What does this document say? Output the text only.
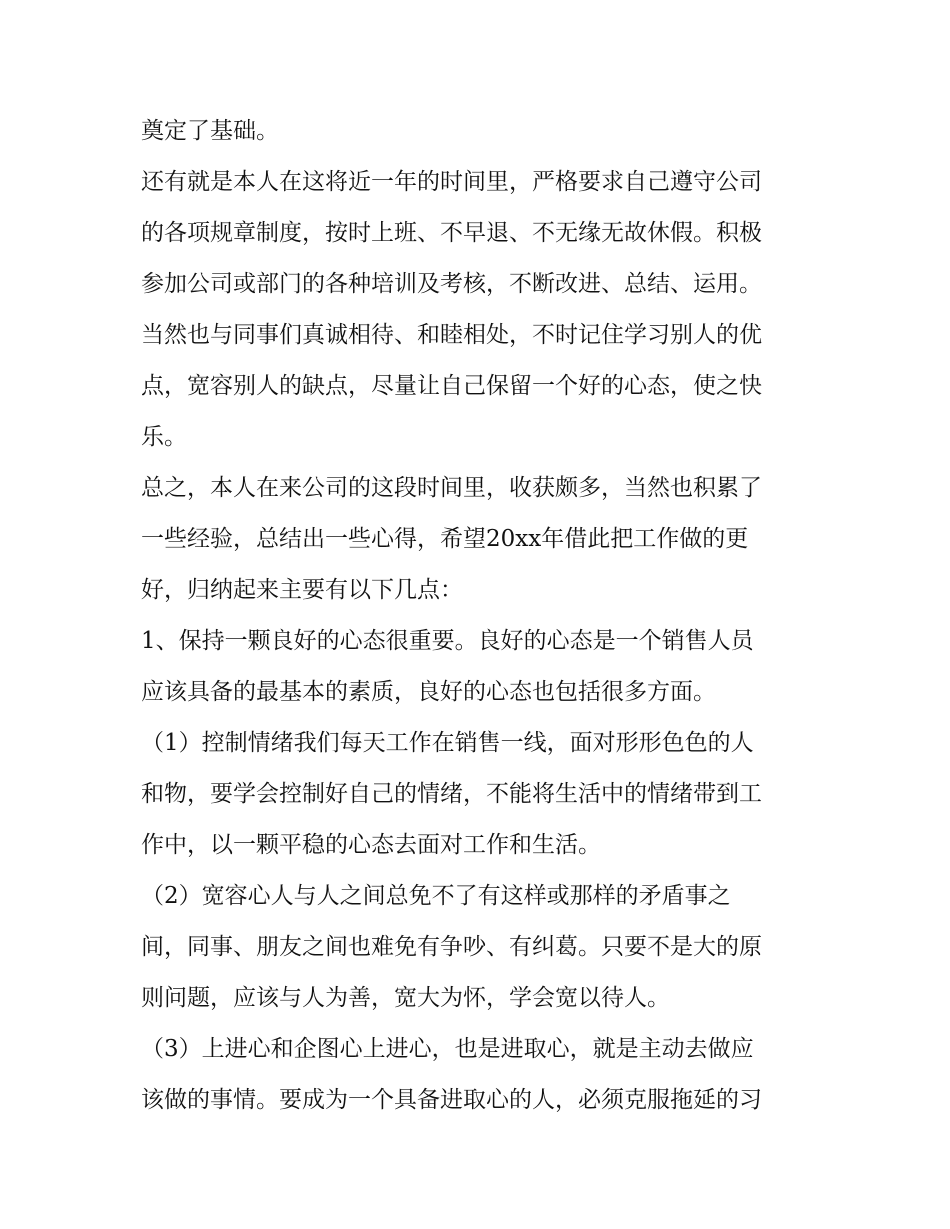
奠定了基础。

还有就是本人在这将近一年的时间里，严格要求自己遵守公司

的各项规章制度，按时上班、不早退、不无缘无故休假。积极

参加公司或部门的各种培训及考核，不断改进、总结、运用。

当然也与同事们真诚相待、和睦相处，不时记住学习别人的优

点，宽容别人的缺点，尽量让自己保留一个好的心态，使之快

乐。

总之，本人在来公司的这段时间里，收获颇多，当然也积累了

一些经验，总结出一些心得，希望20xx年借此把工作做的更

好，归纳起来主要有以下几点：

1、保持一颗良好的心态很重要。良好的心态是一个销售人员

应该具备的最基本的素质，良好的心态也包括很多方面。

（1）控制情绪我们每天工作在销售一线，面对形形色色的人

和物，要学会控制好自己的情绪，不能将生活中的情绪带到工

作中，以一颗平稳的心态去面对工作和生活。

（2）宽容心人与人之间总免不了有这样或那样的矛盾事之

间，同事、朋友之间也难免有争吵、有纠葛。只要不是大的原

则问题，应该与人为善，宽大为怀，学会宽以待人。

（3）上进心和企图心上进心，也是进取心，就是主动去做应

该做的事情。要成为一个具备进取心的人，必须克服拖延的习
